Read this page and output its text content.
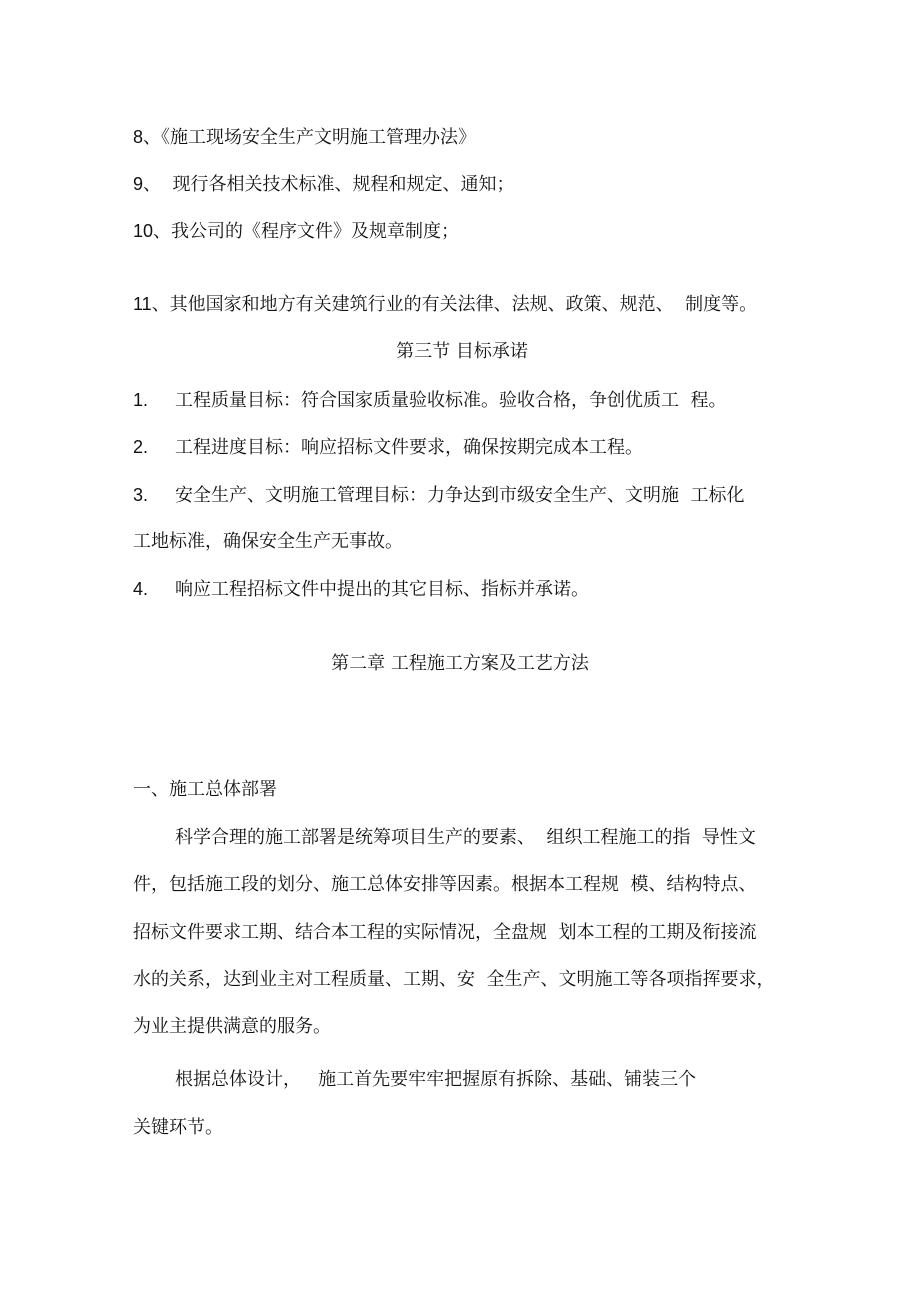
8、《施工现场安全生产文明施工管理办法》
9、  现行各相关技术标准、规程和规定、通知；
10、我公司的《程序文件》及规章制度；
11、其他国家和地方有关建筑行业的有关法律、法规、政策、规范、  制度等。
第三节 目标承诺
1. 工程质量目标：符合国家质量验收标准。验收合格，争创优质工  程。
2. 工程进度目标：响应招标文件要求，确保按期完成本工程。
3. 安全生产、文明施工管理目标：力争达到市级安全生产、文明施  工标化
工地标准，确保安全生产无事故。
4. 响应工程招标文件中提出的其它目标、指标并承诺。
第二章 工程施工方案及工艺方法
一、施工总体部署
科学合理的施工部署是统筹项目生产的要素、  组织工程施工的指  导性文
件，包括施工段的划分、施工总体安排等因素。根据本工程规  模、结构特点、
招标文件要求工期、结合本工程的实际情况，全盘规  划本工程的工期及衔接流
水的关系，达到业主对工程质量、工期、安  全生产、文明施工等各项指挥要求，
为业主提供满意的服务。
根据总体设计，   施工首先要牢牢把握原有拆除、基础、铺装三个
关键环节。
